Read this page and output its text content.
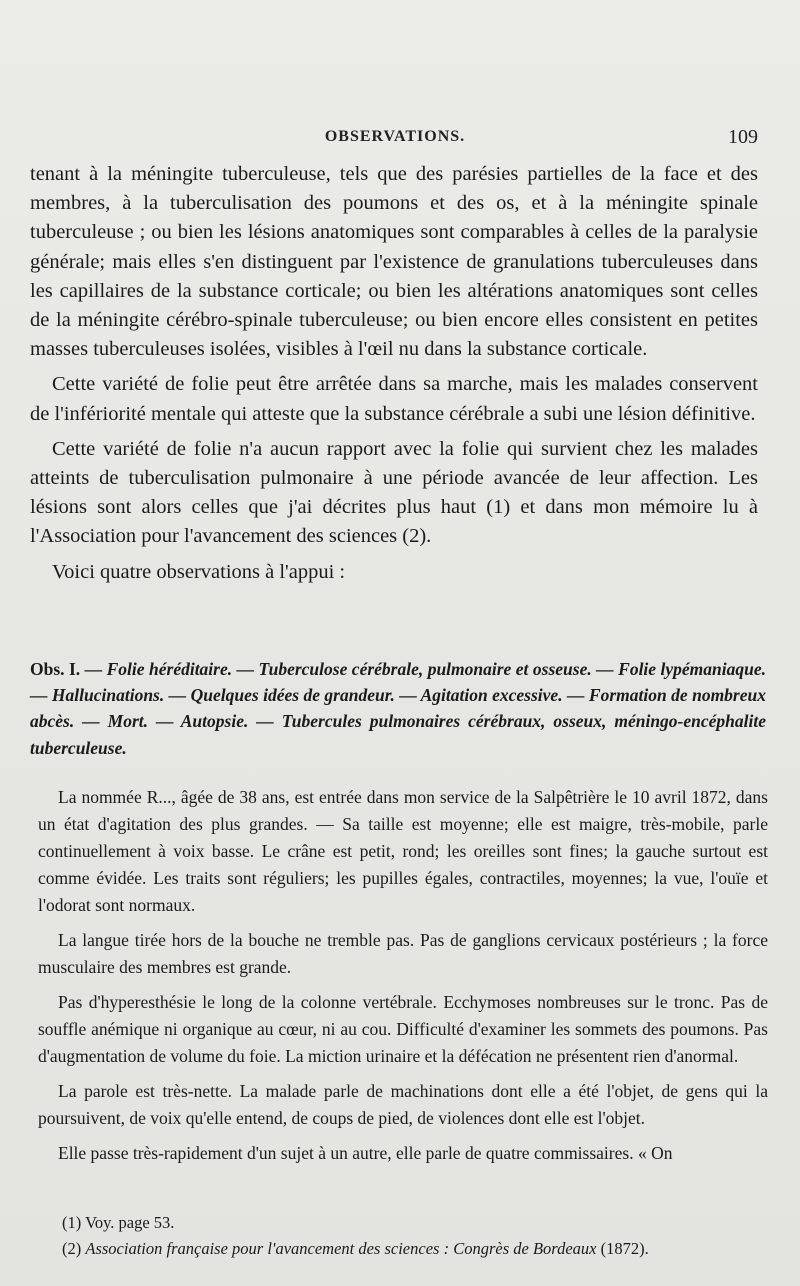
OBSERVATIONS.	109

tenant à la méningite tuberculeuse, tels que des parésies partielles de la face et des membres, à la tuberculisation des poumons et des os, et à la méningite spinale tuberculeuse ; ou bien les lésions anatomiques sont comparables à celles de la paralysie générale; mais elles s'en distinguent par l'existence de granulations tuberculeuses dans les capillaires de la substance corticale; ou bien les altérations anatomiques sont celles de la méningite cérébro-spinale tuberculeuse; ou bien encore elles consistent en petites masses tuberculeuses isolées, visibles à l'œil nu dans la substance corticale.

Cette variété de folie peut être arrêtée dans sa marche, mais les malades conservent de l'infériorité mentale qui atteste que la substance cérébrale a subi une lésion définitive.

Cette variété de folie n'a aucun rapport avec la folie qui survient chez les malades atteints de tuberculisation pulmonaire à une période avancée de leur affection. Les lésions sont alors celles que j'ai décrites plus haut (1) et dans mon mémoire lu à l'Association pour l'avancement des sciences (2).

Voici quatre observations à l'appui :

Obs. I. — Folie héréditaire. — Tuberculose cérébrale, pulmonaire et osseuse. — Folie lypémaniaque. — Hallucinations. — Quelques idées de grandeur. — Agitation excessive. — Formation de nombreux abcès. — Mort. — Autopsie. — Tubercules pulmonaires cérébraux, osseux, méningo-encéphalite tuberculeuse.

La nommée R..., âgée de 38 ans, est entrée dans mon service de la Salpêtrière le 10 avril 1872, dans un état d'agitation des plus grandes. — Sa taille est moyenne; elle est maigre, très-mobile, parle continuellement à voix basse. Le crâne est petit, rond; les oreilles sont fines; la gauche surtout est comme évidée. Les traits sont réguliers; les pupilles égales, contractiles, moyennes; la vue, l'ouïe et l'odorat sont normaux.

La langue tirée hors de la bouche ne tremble pas. Pas de ganglions cervicaux postérieurs ; la force musculaire des membres est grande.

Pas d'hyperesthésie le long de la colonne vertébrale. Ecchymoses nombreuses sur le tronc. Pas de souffle anémique ni organique au cœur, ni au cou. Difficulté d'examiner les sommets des poumons. Pas d'augmentation de volume du foie. La miction urinaire et la défécation ne présentent rien d'anormal.

La parole est très-nette. La malade parle de machinations dont elle a été l'objet, de gens qui la poursuivent, de voix qu'elle entend, de coups de pied, de violences dont elle est l'objet.

Elle passe très-rapidement d'un sujet à un autre, elle parle de quatre commissaires. « On

(1) Voy. page 53.
(2) Association française pour l'avancement des sciences : Congrès de Bordeaux (1872).
